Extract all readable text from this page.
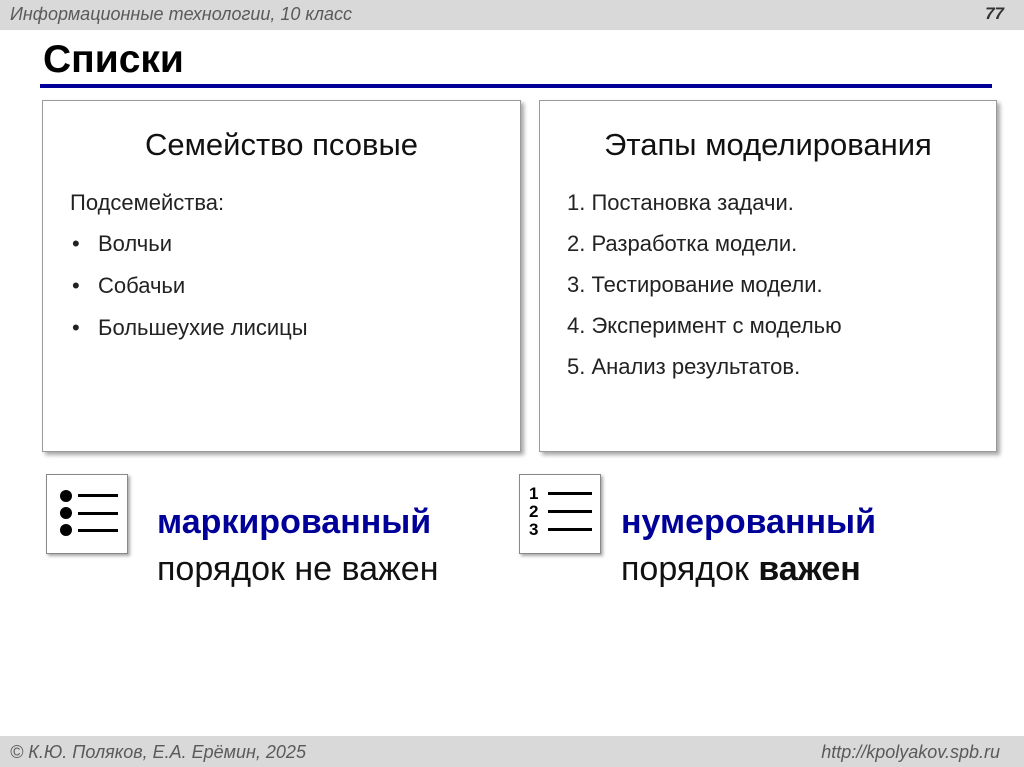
Информационные технологии, 10 класс	77
Списки
Семейство псовые
Подсемейства:
• Волчьи
• Собачьи
• Большеухие лисицы
Этапы моделирования
1. Постановка задачи.
2. Разработка модели.
3. Тестирование модели.
4. Эксперимент с моделью
5. Анализ результатов.
маркированный
порядок не важен
1
2
3 нумерованный
порядок важен
© К.Ю. Поляков, Е.А. Ерёмин, 2025	http://kpolyakov.spb.ru
